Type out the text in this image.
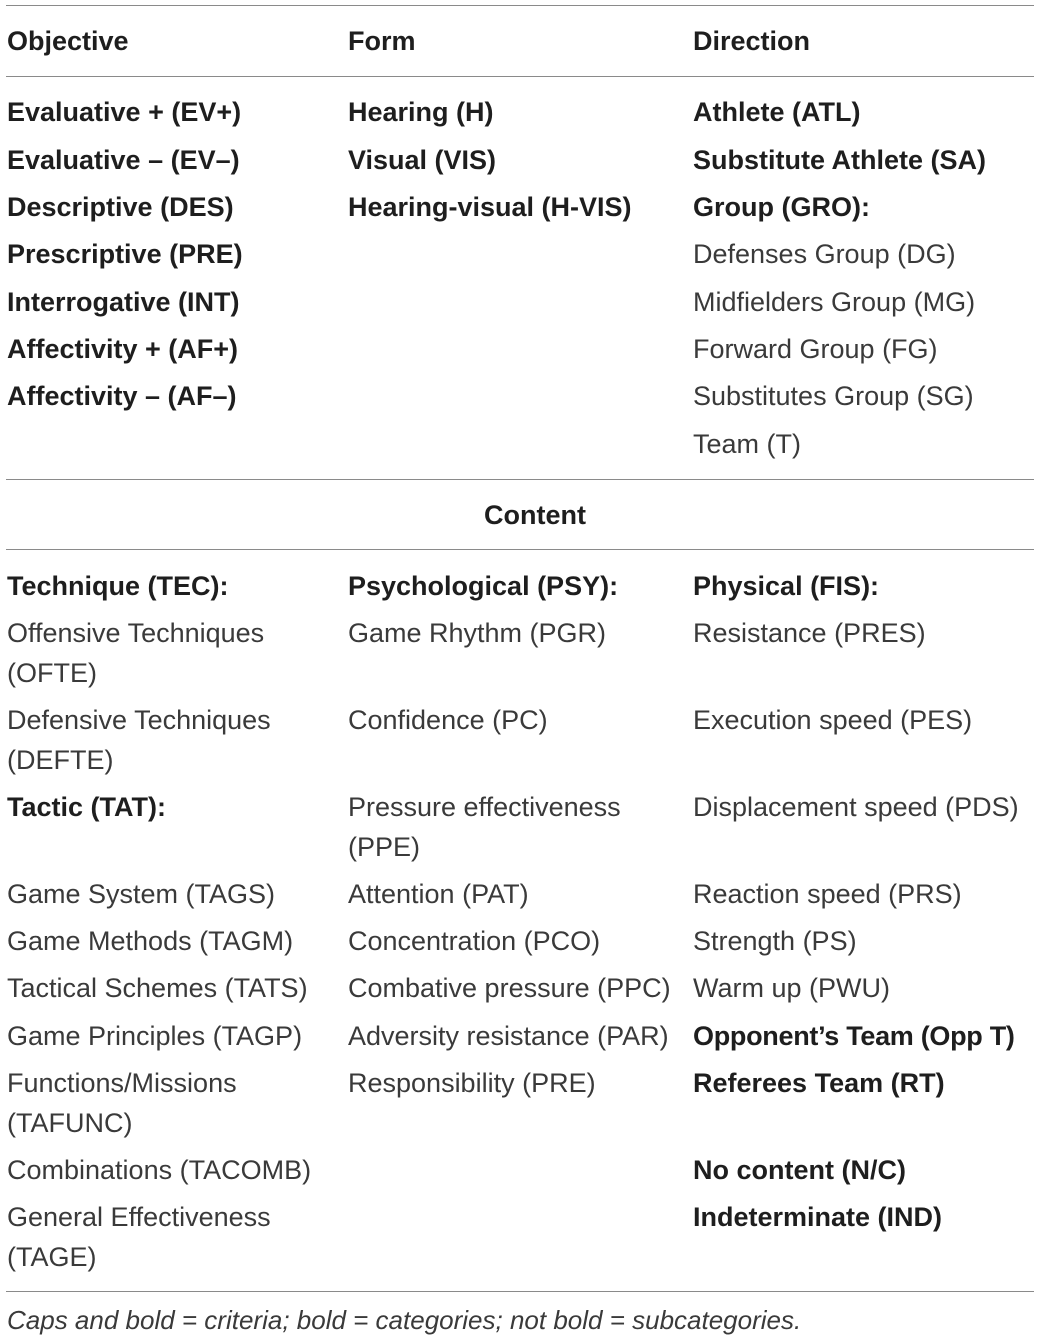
Objective	Form	Direction
Evaluative + (EV+)
Evaluative – (EV–)
Descriptive (DES)
Prescriptive (PRE)
Interrogative (INT)
Affectivity + (AF+)
Affectivity – (AF–)
Hearing (H)
Visual (VIS)
Hearing-visual (H-VIS)
Athlete (ATL)
Substitute Athlete (SA)
Group (GRO):
Defenses Group (DG)
Midfielders Group (MG)
Forward Group (FG)
Substitutes Group (SG)
Team (T)
Content
Technique (TEC):
Offensive Techniques
(OFTE)
Defensive Techniques
(DEFTE)
Tactic (TAT):
Game System (TAGS)
Game Methods (TAGM)
Tactical Schemes (TATS)
Game Principles (TAGP)
Functions/Missions
(TAFUNC)
Combinations (TACOMB)
General Effectiveness
(TAGE)
Psychological (PSY):
Game Rhythm (PGR)
Confidence (PC)
Pressure effectiveness
(PPE)
Attention (PAT)
Concentration (PCO)
Combative pressure (PPC)
Adversity resistance (PAR)
Responsibility (PRE)
Physical (FIS):
Resistance (PRES)
Execution speed (PES)
Displacement speed (PDS)
Reaction speed (PRS)
Strength (PS)
Warm up (PWU)
Opponent’s Team (Opp T)
Referees Team (RT)
No content (N/C)
Indeterminate (IND)
Caps and bold = criteria; bold = categories; not bold = subcategories.
